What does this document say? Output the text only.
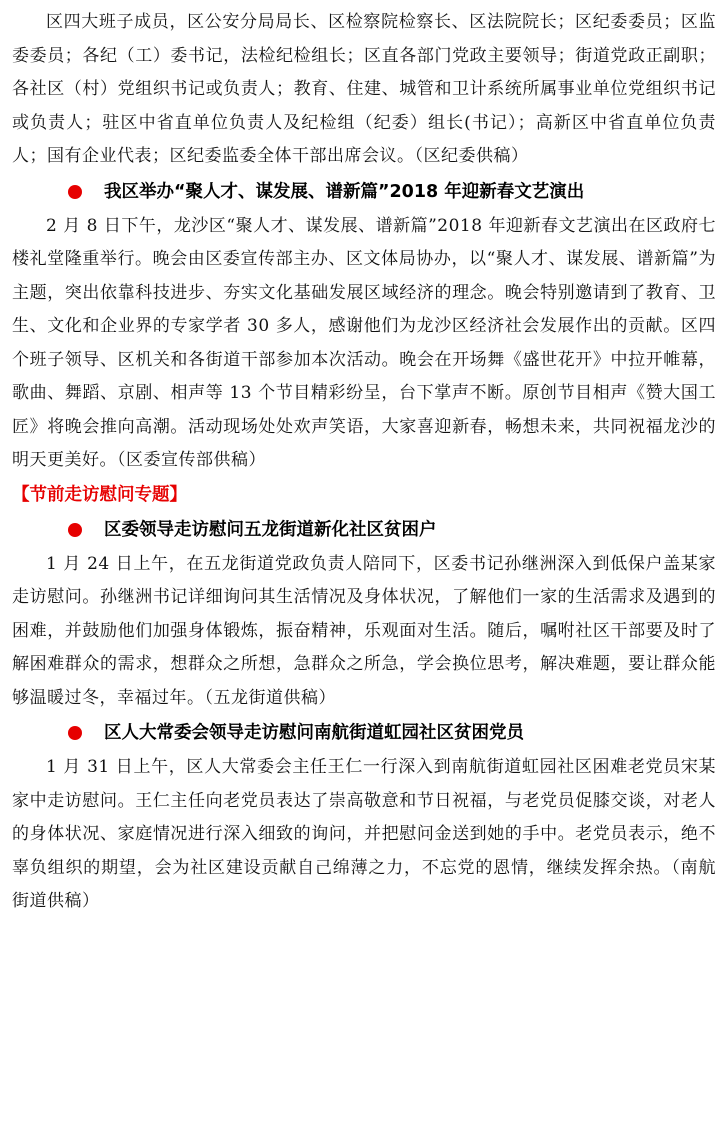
区四大班子成员，区公安分局局长、区检察院检察长、区法院院长；区纪委委员；区监委委员；各纪（工）委书记，法检纪检组长；区直各部门党政主要领导；街道党政正副职；各社区（村）党组织书记或负责人；教育、住建、城管和卫计系统所属事业单位党组织书记或负责人；驻区中省直单位负责人及纪检组（纪委）组长(书记）；高新区中省直单位负责人；国有企业代表；区纪委监委全体干部出席会议。（区纪委供稿）

我区举办“聚人才、谋发展、谱新篇”2018 年迎新春文艺演出

2 月 8 日下午，龙沙区“聚人才、谋发展、谱新篇”2018 年迎新春文艺演出在区政府七楼礼堂隆重举行。晚会由区委宣传部主办、区文体局协办，以“聚人才、谋发展、谱新篇”为主题，突出依靠科技进步、夯实文化基础发展区域经济的理念。晚会特别邀请到了教育、卫生、文化和企业界的专家学者 30 多人，感谢他们为龙沙区经济社会发展作出的贡献。区四个班子领导、区机关和各街道干部参加本次活动。晚会在开场舞《盛世花开》中拉开帷幕，歌曲、舞蹈、京剧、相声等 13 个节目精彩纷呈，台下掌声不断。原创节目相声《赞大国工匠》将晚会推向高潮。活动现场处处欢声笑语，大家喜迎新春，畅想未来，共同祝福龙沙的明天更美好。（区委宣传部供稿）

【节前走访慰问专题】
区委领导走访慰问五龙街道新化社区贫困户

1 月 24 日上午，在五龙街道党政负责人陪同下，区委书记孙继洲深入到低保户盖某家走访慰问。孙继洲书记详细询问其生活情况及身体状况，了解他们一家的生活需求及遇到的困难，并鼓励他们加强身体锻炼，振奋精神，乐观面对生活。随后，嘱咐社区干部要及时了解困难群众的需求，想群众之所想，急群众之所急，学会换位思考，解决难题，要让群众能够温暖过冬，幸福过年。（五龙街道供稿）

区人大常委会领导走访慰问南航街道虹园社区贫困党员

1 月 31 日上午，区人大常委会主任王仁一行深入到南航街道虹园社区困难老党员宋某家中走访慰问。王仁主任向老党员表达了崇高敬意和节日祝福，与老党员促膝交谈，对老人的身体状况、家庭情况进行深入细致的询问，并把慰问金送到她的手中。老党员表示，绝不辜负组织的期望，会为社区建设贡献自己绵薄之力，不忘党的恩情，继续发挥余热。（南航街道供稿）
